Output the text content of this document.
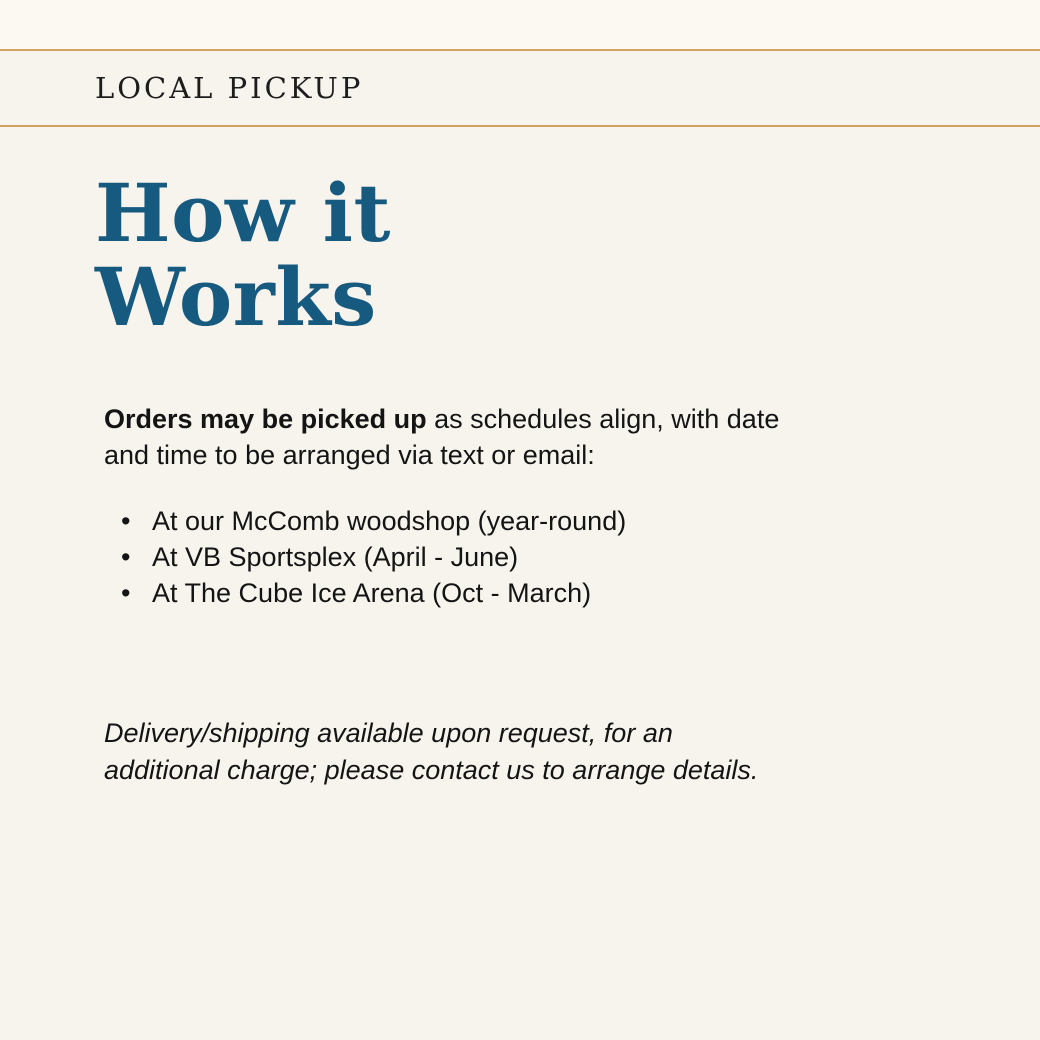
LOCAL PICKUP
How it
Works

Orders may be picked up as schedules align, with date
and time to be arranged via text or email:

• At our McComb woodshop (year-round)
• At VB Sportsplex (April - June)
• At The Cube Ice Arena (Oct - March)

Delivery/shipping available upon request, for an
additional charge; please contact us to arrange details.
